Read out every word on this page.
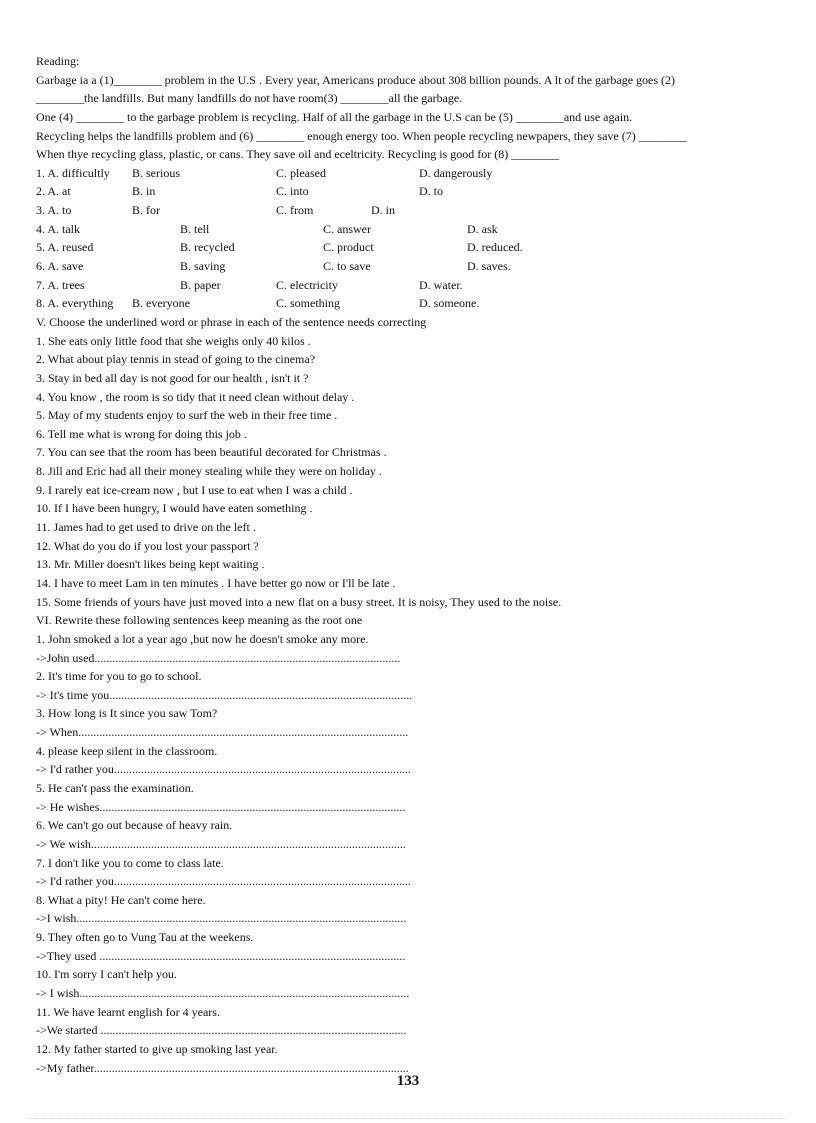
Reading:
Garbage ia a (1)________ problem in the U.S . Every year, Americans produce about 308 billion pounds. A lt of the garbage goes (2)
________the landfills. But many landfills do not have room(3) ________all the garbage.
One (4) ________ to the garbage problem is recycling. Half of all the garbage in the U.S can be (5) ________and use again.
Recycling helps the landfills problem and (6) ________ enough energy too. When people recycling newpapers, they save (7) ________
When thye recycling glass, plastic, or cans. They save oil and eceltricity. Recycling is good for (8) ________
1. A. difficultly B. serious	C. pleased	D. dangerously
2. A. at	B. in	C. into	D. to
3. A. to	B. for	C. from	D. in
4. A. talk	B. tell	C. answer	D. ask
5. A. reused	B. recycled	C. product	D. reduced.
6. A. save	B. saving	C. to save	D. saves.
7. A. trees	B. paper	C. electricity	D. water.
8. A. everything B. everyone	C. something	D. someone.
V. Choose the underlined word or phrase in each of the sentence needs correcting
1. She eats only little food that she weighs only 40 kilos .
2. What about play tennis in stead of going to the cinema?
3. Stay in bed all day is not good for our health , isn't it ?
4. You know , the room is so tidy that it need clean without delay .
5. May of my students enjoy to surf the web in their free time .
6. Tell me what is wrong for doing this job .
7. You can see that the room has been beautiful decorated for Christmas .
8. Jill and Eric had all their money stealing while they were on holiday .
9. I rarely eat ice-cream now , but I use to eat when I was a child .
10. If I have been hungry, I would have eaten something .
11. James had to get used to drive on the left .
12. What do you do if you lost your passport ?
13. Mr. Miller doesn't likes being kept waiting .
14. I have to meet Lam in ten minutes . I have better go now or I'll be late .
15. Some friends of yours have just moved into a new flat on a busy street. It is noisy, They used to the noise.
VI. Rewrite these following sentences keep meaning as the root one
1. John smoked a lot a year ago ,but now he doesn't smoke any more.
->John used......................................................................................................
2. It's time for you to go to school.
-> It's time you.....................................................................................................
3. How long is It since you saw Tom?
-> When..............................................................................................................
4. please keep silent in the classroom.
-> I'd rather you...................................................................................................
5. He can't pass the examination.
-> He wishes......................................................................................................
6. We can't go out because of heavy rain.
-> We wish.........................................................................................................
7. I don't like you to come to class late.
-> I'd rather you...................................................................................................
8. What a pity! He can't come here.
->I wish..............................................................................................................
9. They often go to Vung Tau at the weekens.
->They used ......................................................................................................
10. I'm sorry I can't help you.
-> I wish..............................................................................................................
11. We have learnt english for 4 years.
->We started ......................................................................................................
12. My father started to give up smoking last year.
->My father.........................................................................................................
133
